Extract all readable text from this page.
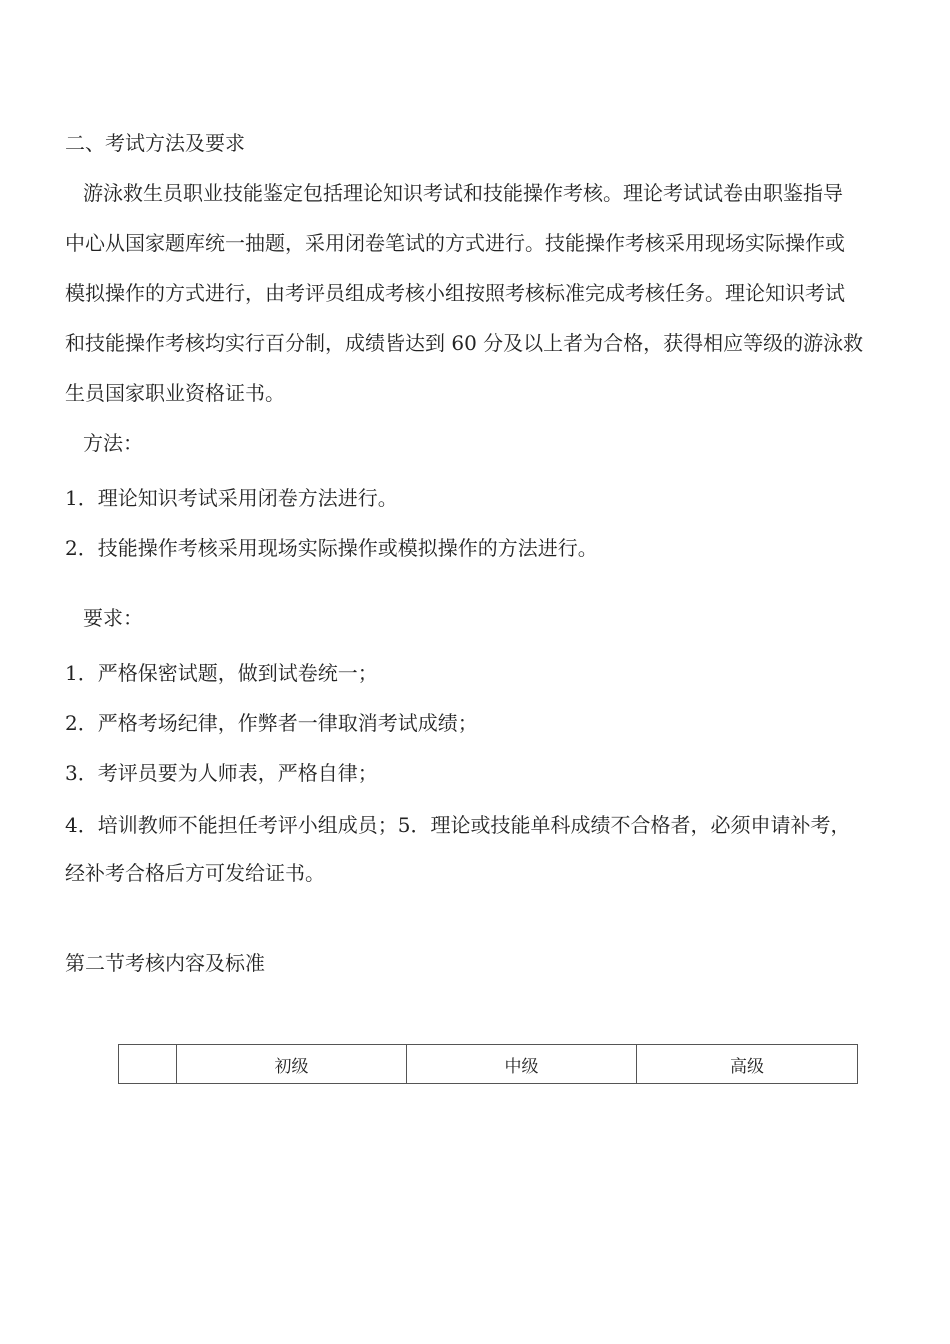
二、考试方法及要求
游泳救生员职业技能鉴定包括理论知识考试和技能操作考核。理论考试试卷由职鉴指导
中心从国家题库统一抽题，采用闭卷笔试的方式进行。技能操作考核采用现场实际操作或
模拟操作的方式进行，由考评员组成考核小组按照考核标准完成考核任务。理论知识考试
和技能操作考核均实行百分制，成绩皆达到 60 分及以上者为合格，获得相应等级的游泳救
生员国家职业资格证书。
方法：
1．理论知识考试采用闭卷方法进行。
2．技能操作考核采用现场实际操作或模拟操作的方法进行。
要求：
1．严格保密试题，做到试卷统一；
2．严格考场纪律，作弊者一律取消考试成绩；
3．考评员要为人师表，严格自律；
4．培训教师不能担任考评小组成员；5．理论或技能单科成绩不合格者，必须申请补考，
经补考合格后方可发给证书。
第二节考核内容及标准
	初级	中级	高级
